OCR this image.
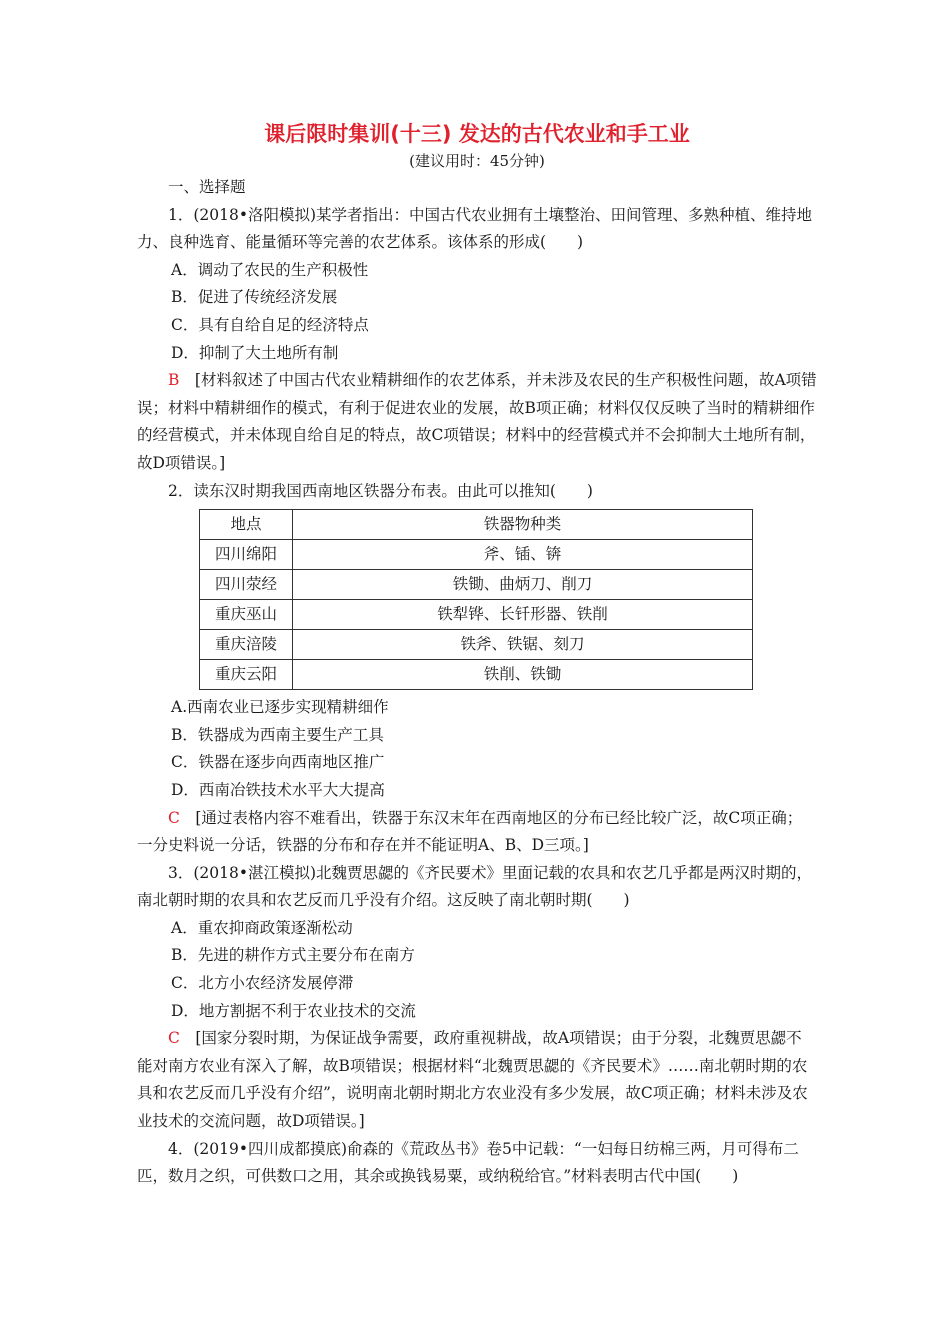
课后限时集训(十三) 发达的古代农业和手工业
(建议用时：45分钟)

一、选择题

1．(2018•洛阳模拟)某学者指出：中国古代农业拥有土壤整治、田间管理、多熟种植、维持地力、良种选育、能量循环等完善的农艺体系。该体系的形成(　　)

A．调动了农民的生产积极性

B．促进了传统经济发展

C．具有自给自足的经济特点

D．抑制了大土地所有制

B　[材料叙述了中国古代农业精耕细作的农艺体系，并未涉及农民的生产积极性问题，故A项错误；材料中精耕细作的模式，有利于促进农业的发展，故B项正确；材料仅仅反映了当时的精耕细作的经营模式，并未体现自给自足的特点，故C项错误；材料中的经营模式并不会抑制大土地所有制，故D项错误。]

2．读东汉时期我国西南地区铁器分布表。由此可以推知(　　)

地点	铁器物种类
四川绵阳	斧、锸、锛
四川荥经	铁锄、曲炳刀、削刀
重庆巫山	铁犁铧、长钎形器、铁削
重庆涪陵	铁斧、铁锯、刻刀
重庆云阳	铁削、铁锄

A.西南农业已逐步实现精耕细作

B．铁器成为西南主要生产工具

C．铁器在逐步向西南地区推广

D．西南冶铁技术水平大大提高

C　[通过表格内容不难看出，铁器于东汉末年在西南地区的分布已经比较广泛，故C项正确；一分史料说一分话，铁器的分布和存在并不能证明A、B、D三项。]

3．(2018•湛江模拟)北魏贾思勰的《齐民要术》里面记载的农具和农艺几乎都是两汉时期的，南北朝时期的农具和农艺反而几乎没有介绍。这反映了南北朝时期(　　)

A．重农抑商政策逐渐松动

B．先进的耕作方式主要分布在南方

C．北方小农经济发展停滞

D．地方割据不利于农业技术的交流

C　[国家分裂时期，为保证战争需要，政府重视耕战，故A项错误；由于分裂，北魏贾思勰不能对南方农业有深入了解，故B项错误；根据材料“北魏贾思勰的《齐民要术》……南北朝时期的农具和农艺反而几乎没有介绍”，说明南北朝时期北方农业没有多少发展，故C项正确；材料未涉及农业技术的交流问题，故D项错误。]

4．(2019•四川成都摸底)俞森的《荒政丛书》卷5中记载：“一妇每日纺棉三两，月可得布二匹，数月之织，可供数口之用，其余或换钱易粟，或纳税给官。”材料表明古代中国(　　)
